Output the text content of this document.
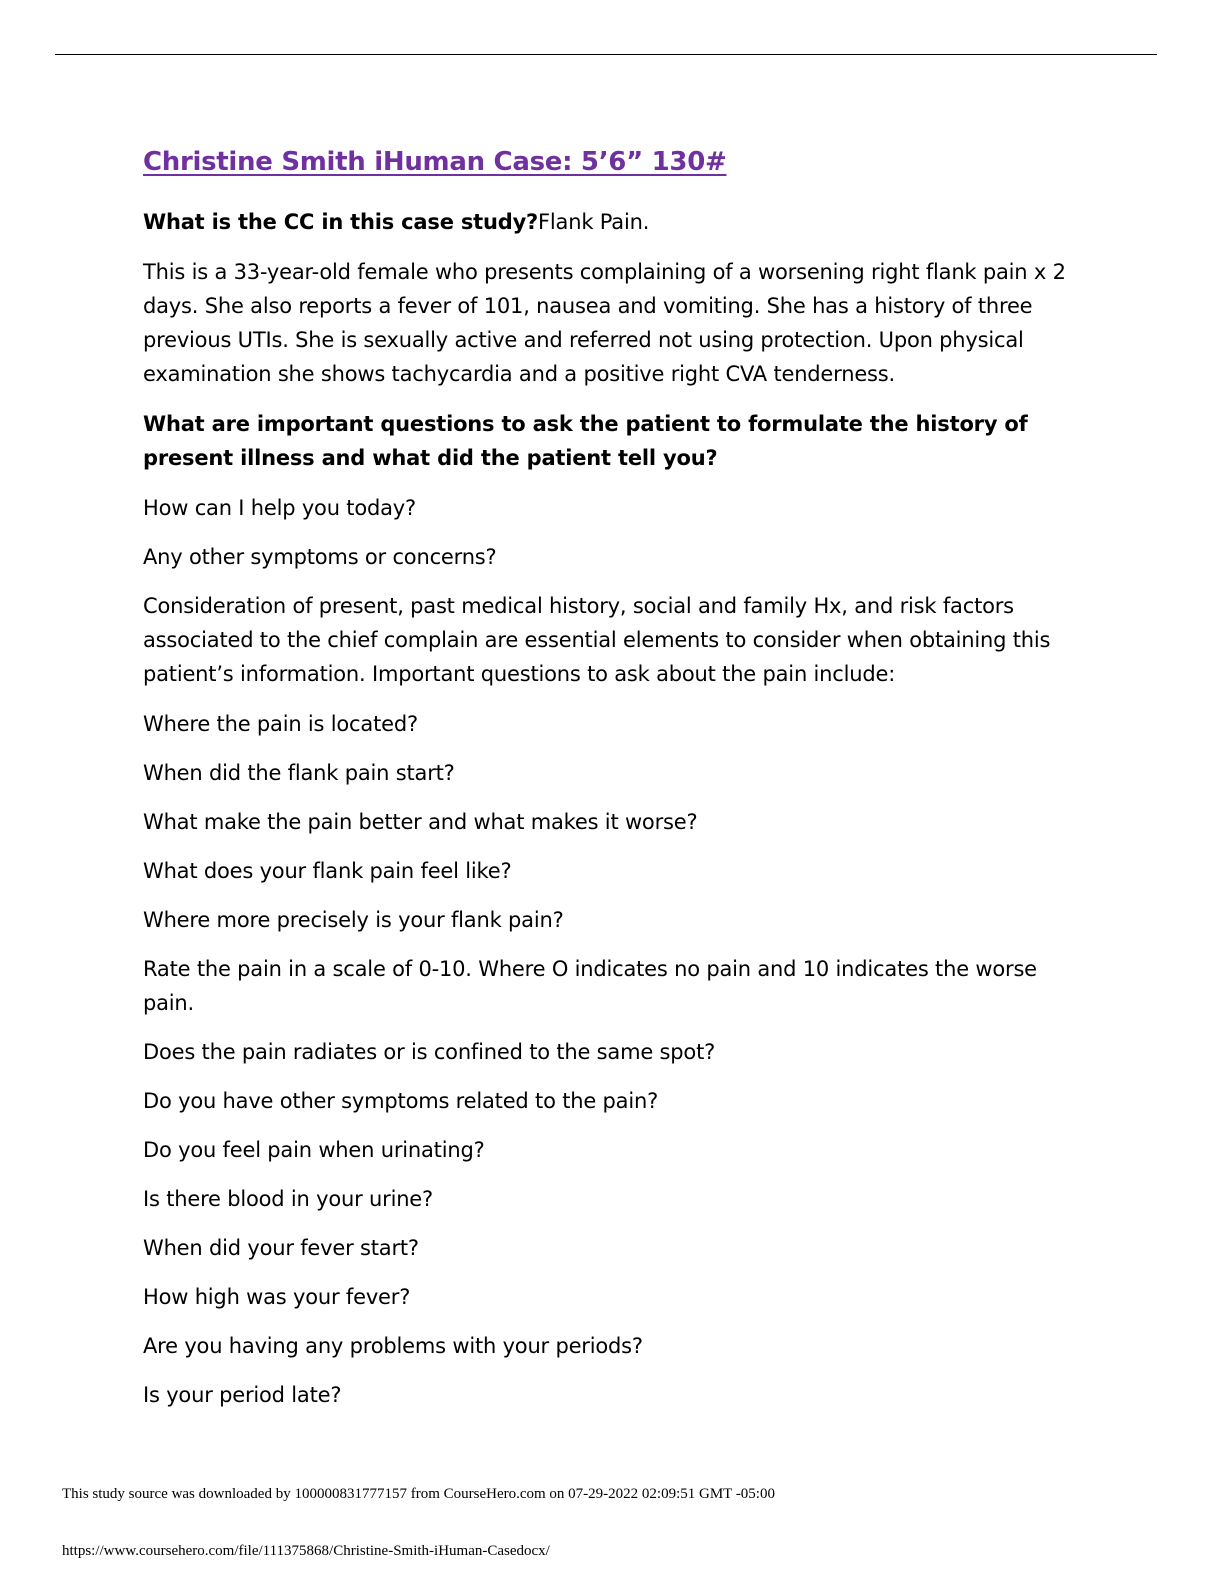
Christine Smith iHuman Case: 5’6” 130#

What is the CC in this case study?Flank Pain.

This is a 33-year-old female who presents complaining of a worsening right flank pain x 2 days. She also reports a fever of 101, nausea and vomiting. She has a history of three previous UTIs. She is sexually active and referred not using protection. Upon physical examination she shows tachycardia and a positive right CVA tenderness.

What are important questions to ask the patient to formulate the history of present illness and what did the patient tell you?

How can I help you today?
Any other symptoms or concerns?

Consideration of present, past medical history, social and family Hx, and risk factors associated to the chief complain are essential elements to consider when obtaining this patient’s information. Important questions to ask about the pain include:

Where the pain is located?
When did the flank pain start?
What make the pain better and what makes it worse?
What does your flank pain feel like?
Where more precisely is your flank pain?
Rate the pain in a scale of 0-10. Where O indicates no pain and 10 indicates the worse pain.
Does the pain radiates or is confined to the same spot?
Do you have other symptoms related to the pain?
Do you feel pain when urinating?
Is there blood in your urine?
When did your fever start?
How high was your fever?
Are you having any problems with your periods?
Is your period late?
This study source was downloaded by 100000831777157 from CourseHero.com on 07-29-2022 02:09:51 GMT -05:00
https://www.coursehero.com/file/111375868/Christine-Smith-iHuman-Casedocx/
